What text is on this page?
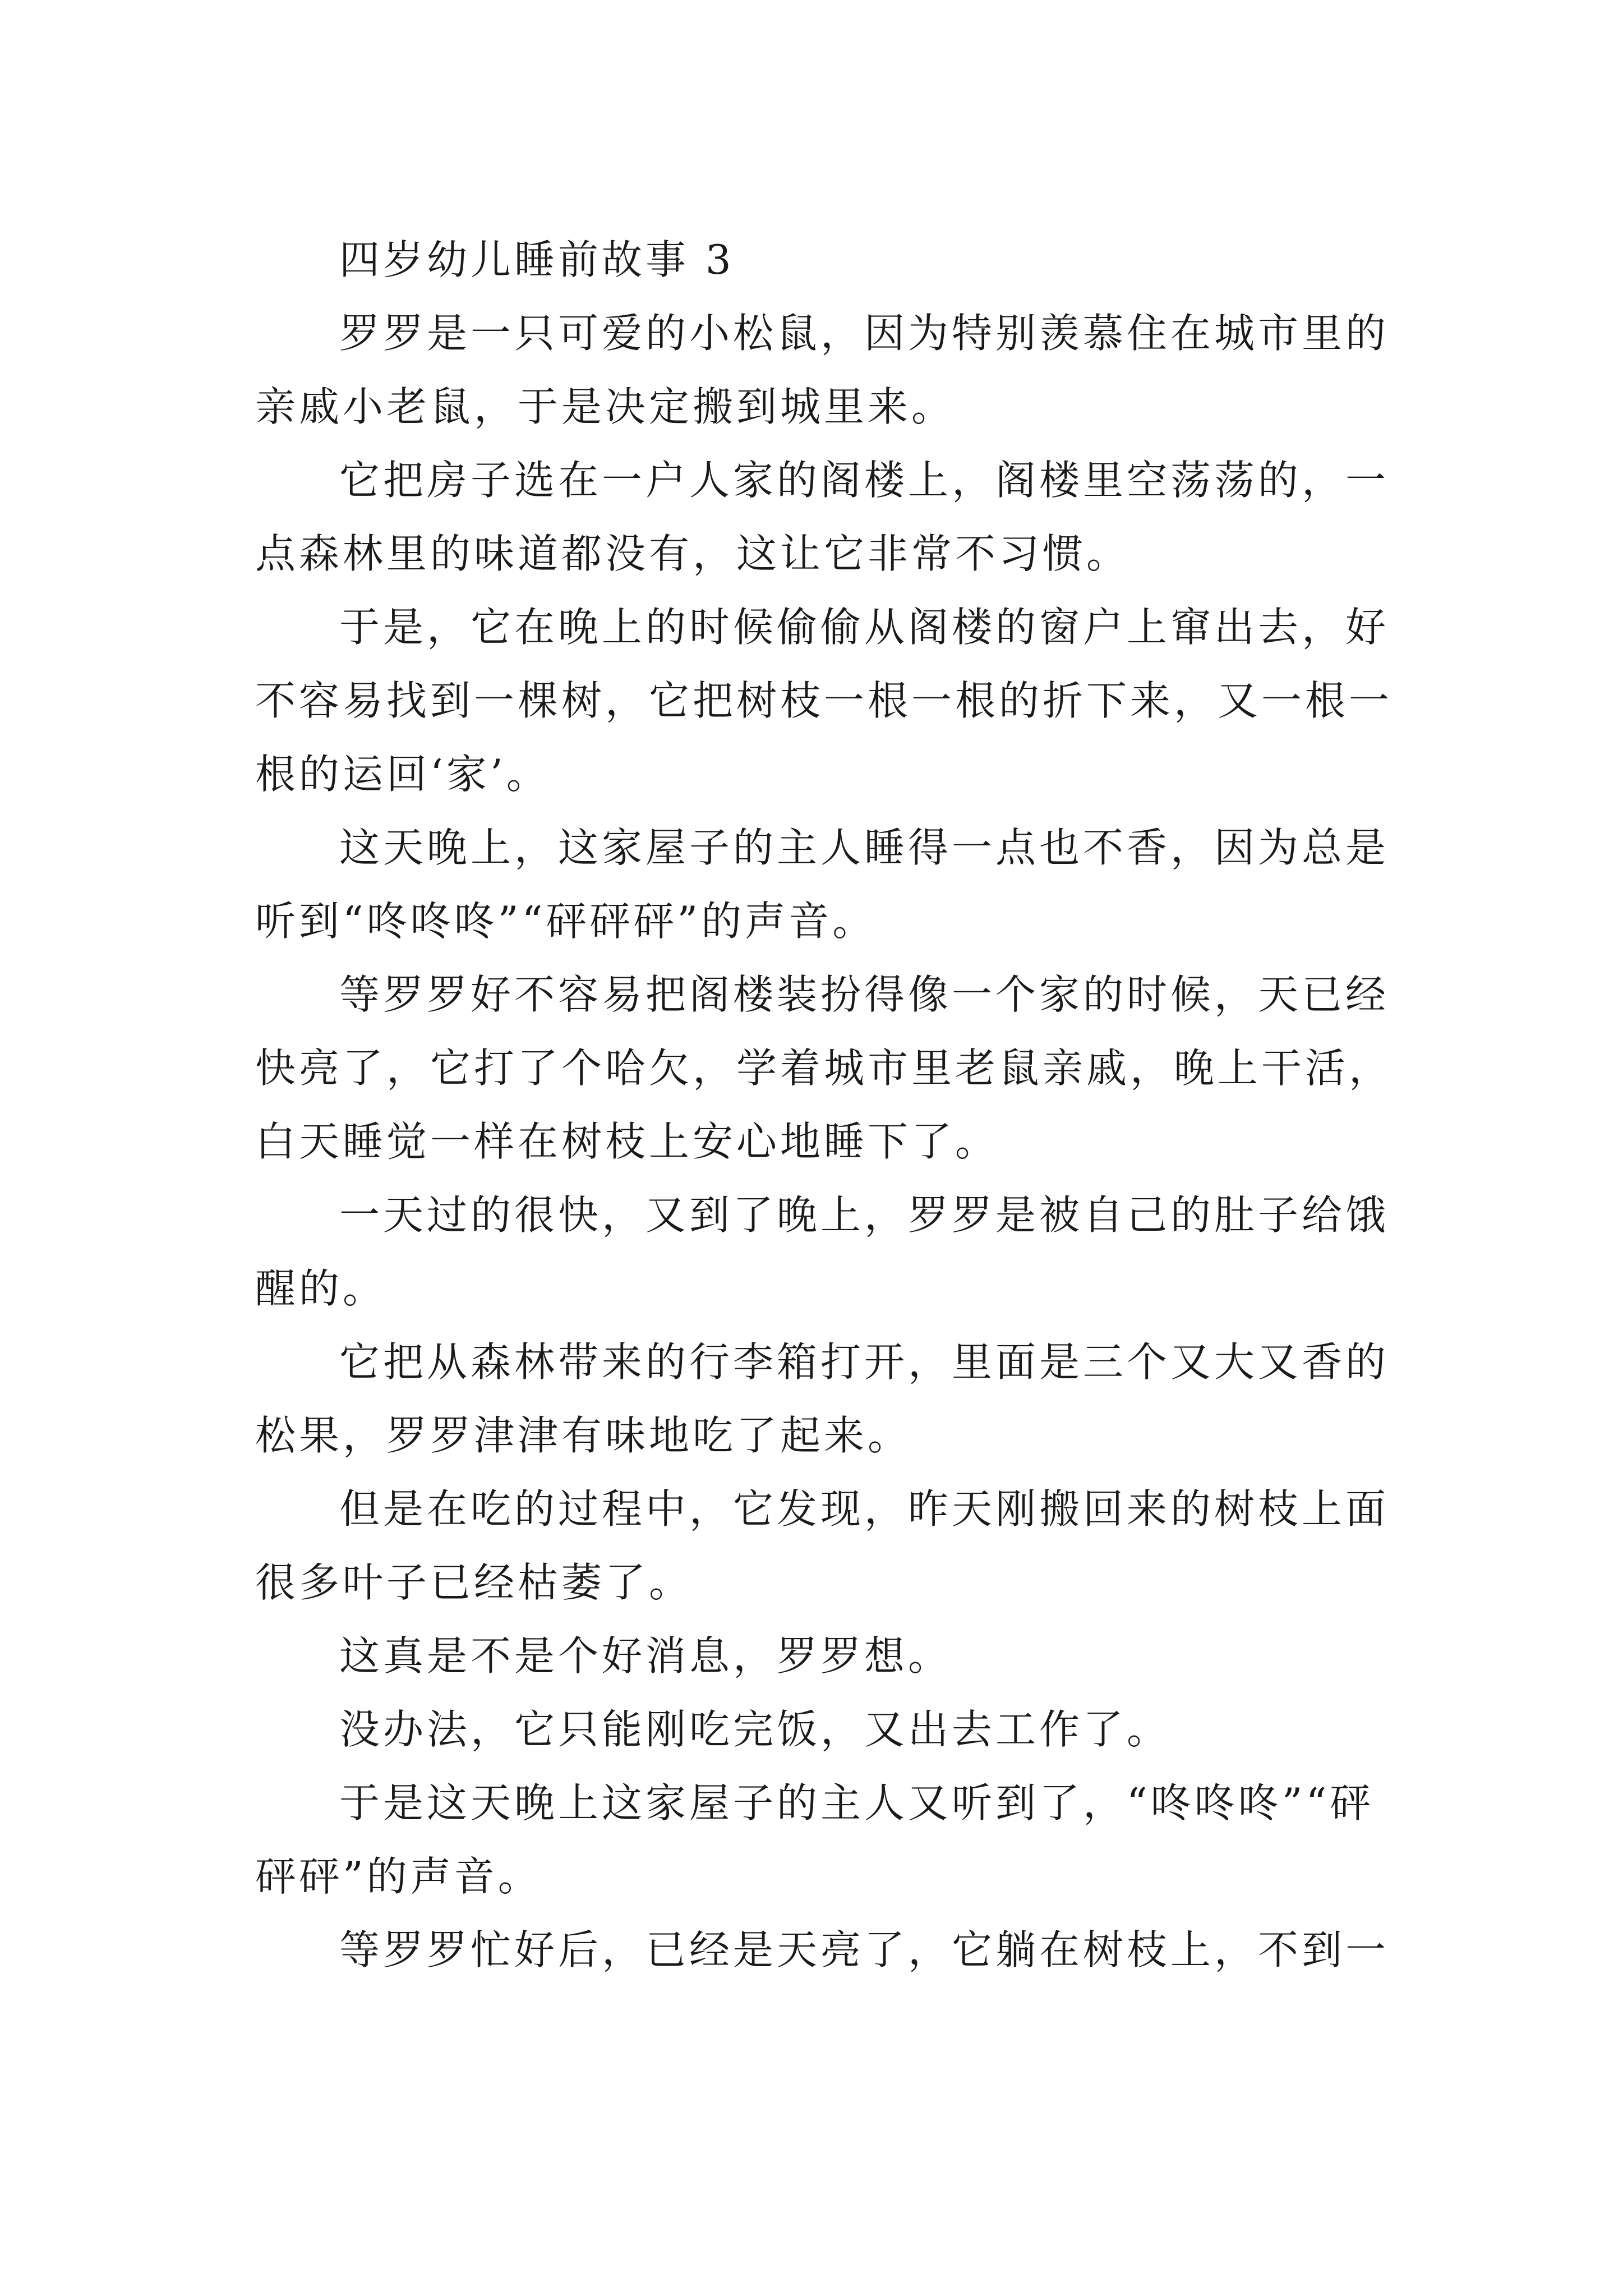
四岁幼儿睡前故事 3

罗罗是一只可爱的小松鼠，因为特别羡慕住在城市里的亲戚小老鼠，于是决定搬到城里来。

它把房子选在一户人家的阁楼上，阁楼里空荡荡的，一点森林里的味道都没有，这让它非常不习惯。

于是，它在晚上的时候偷偷从阁楼的窗户上窜出去，好不容易找到一棵树，它把树枝一根一根的折下来，又一根一根的运回‘家’。

这天晚上，这家屋子的主人睡得一点也不香，因为总是听到“咚咚咚”“砰砰砰”的声音。

等罗罗好不容易把阁楼装扮得像一个家的时候，天已经快亮了，它打了个哈欠，学着城市里老鼠亲戚，晚上干活，白天睡觉一样在树枝上安心地睡下了。

一天过的很快，又到了晚上，罗罗是被自己的肚子给饿醒的。

它把从森林带来的行李箱打开，里面是三个又大又香的松果，罗罗津津有味地吃了起来。

但是在吃的过程中，它发现，昨天刚搬回来的树枝上面很多叶子已经枯萎了。

这真是不是个好消息，罗罗想。

没办法，它只能刚吃完饭，又出去工作了。

于是这天晚上这家屋子的主人又听到了，“咚咚咚”“砰砰砰”的声音。

等罗罗忙好后，已经是天亮了，它躺在树枝上，不到一
